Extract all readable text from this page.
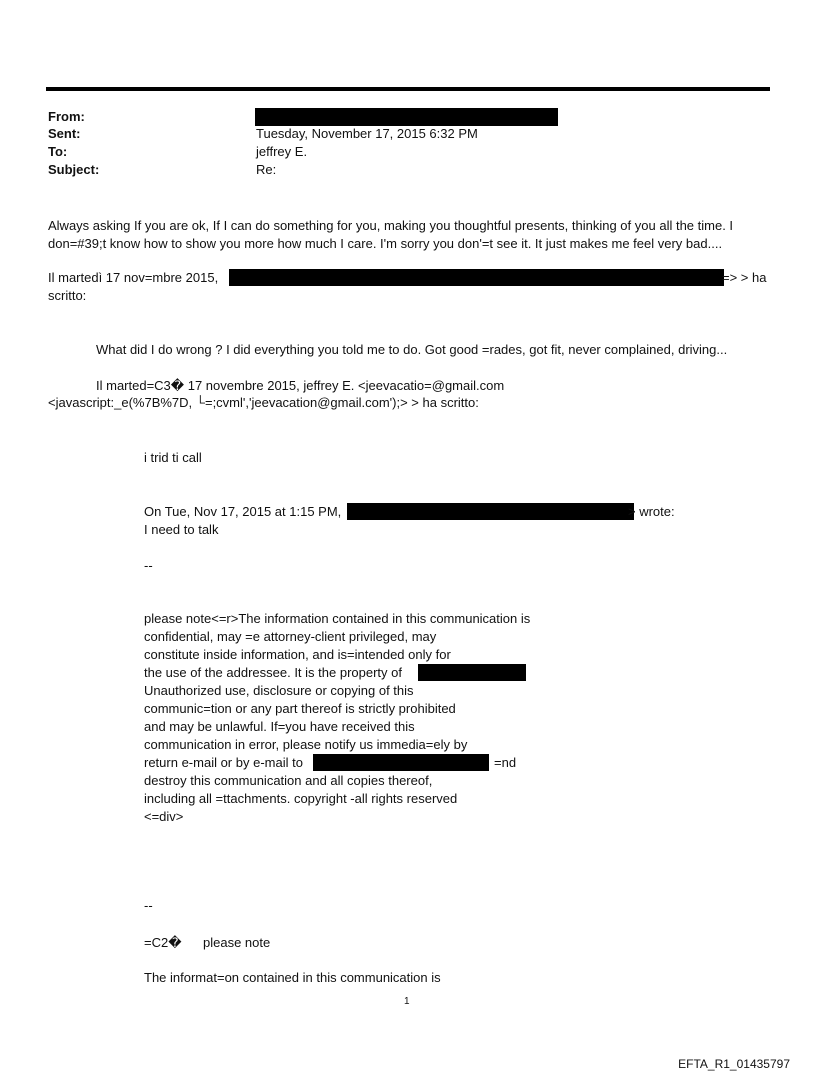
From:
Sent:	Tuesday, November 17, 2015 6:32 PM
To:	jeffrey E.
Subject:	Re:
Always asking If you are ok, If I can do something for you, making you thoughtful presents, thinking of you all the time. I
don=#39;t know how to show you more how much I care. I'm sorry you don'=t see it. It just makes me feel very bad....
Il martedì 17 nov=mbre 2015,	=> > ha
scritto:
What did I do wrong ? I did everything you told me to do. Got good =rades, got fit, never complained, driving...
Il marted=C3� 17 novembre 2015, jeffrey E. <jeevacatio=@gmail.com
<javascript:_e(%7B%7D, └=;cvml','jeevacation@gmail.com');> > ha scritto:
i trid ti call
On Tue, Nov 17, 2015 at 1:15 PM,	> wrote:
I need to talk
--
please note<=r>The information contained in this communication is
confidential, may =e attorney-client privileged, may
constitute inside information, and is=intended only for
the use of the addressee. It is the property of
Unauthorized use, disclosure or copying of this
communic=tion or any part thereof is strictly prohibited
and may be unlawful. If=you have received this
communication in error, please notify us immedia=ely by
return e-mail or by e-mail to	=nd
destroy this communication and all copies thereof,
including all =ttachments. copyright -all rights reserved
<=div>
--
=C2� please note
The informat=on contained in this communication is
1
EFTA_R1_01435797
